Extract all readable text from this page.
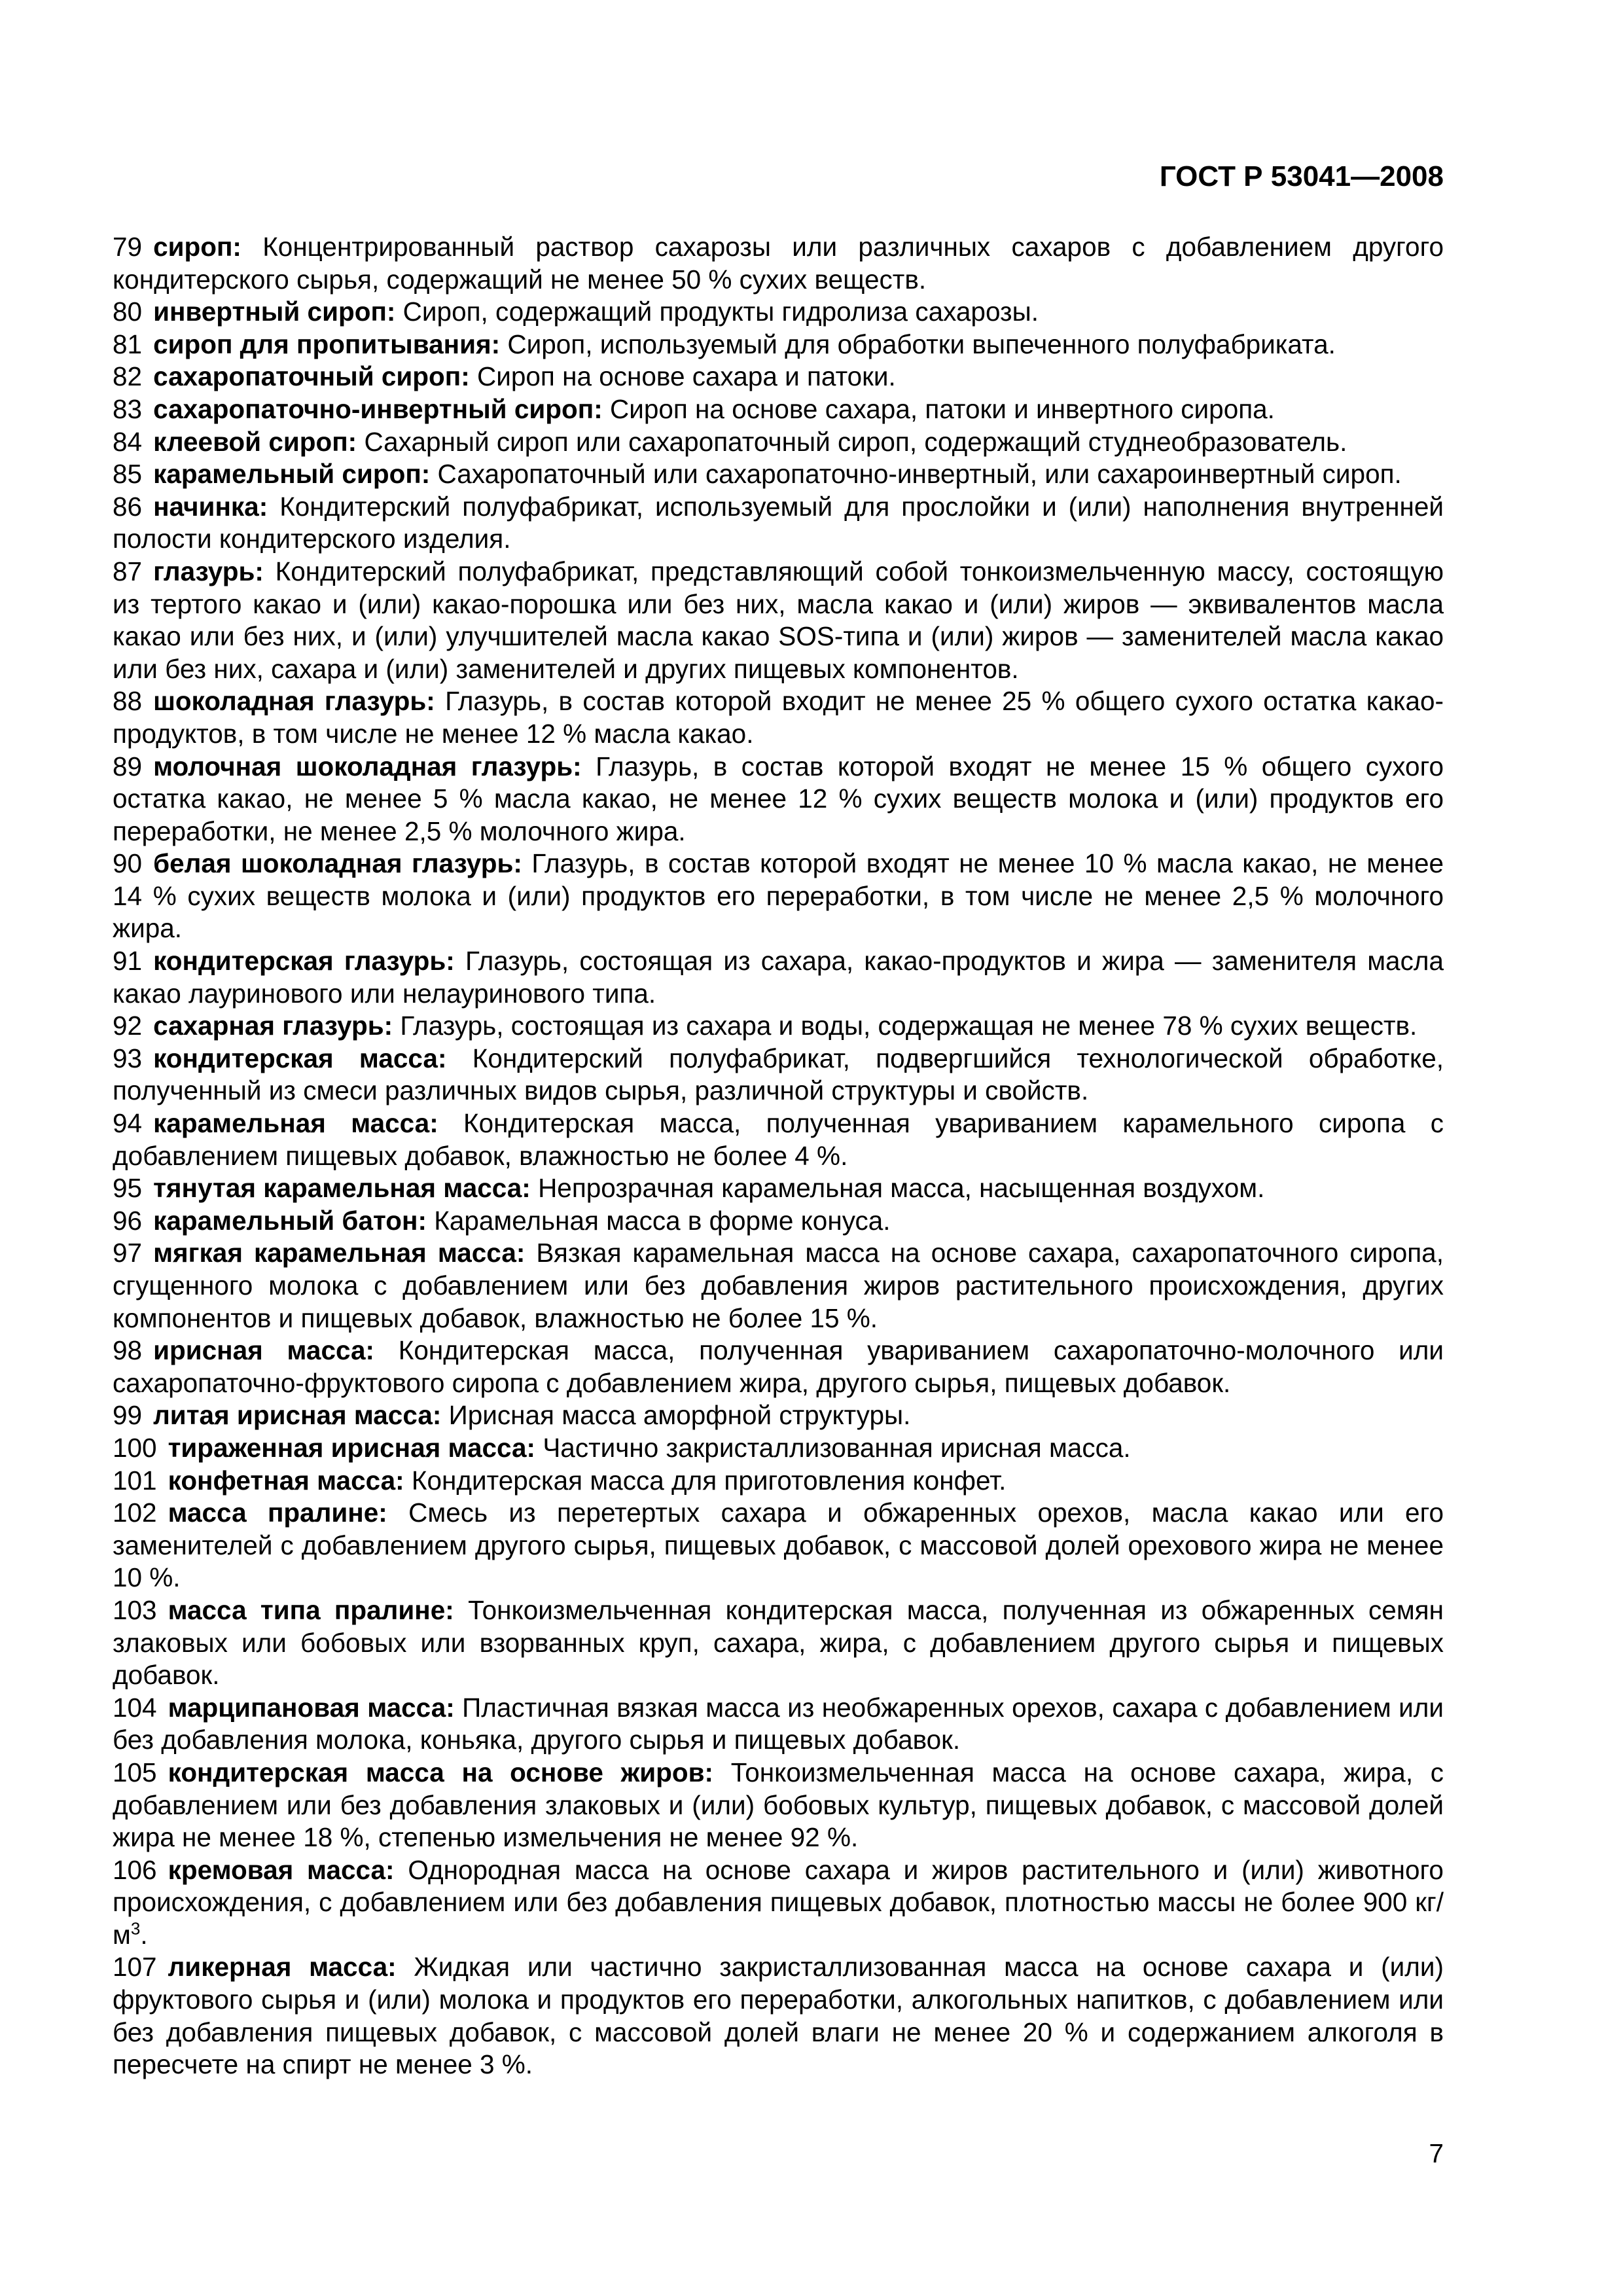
ГОСТ Р 53041—2008

79 сироп: Концентрированный раствор сахарозы или различных сахаров с добавлением другого кондитерского сырья, содержащий не менее 50 % сухих веществ.

80 инвертный сироп: Сироп, содержащий продукты гидролиза сахарозы.

81 сироп для пропитывания: Сироп, используемый для обработки выпеченного полуфабриката.

82 сахаропаточный сироп: Сироп на основе сахара и патоки.

83 сахаропаточно-инвертный сироп: Сироп на основе сахара, патоки и инвертного сиропа.

84 клеевой сироп: Сахарный сироп или сахаропаточный сироп, содержащий студнеобразователь.

85 карамельный сироп: Сахаропаточный или сахаропаточно-инвертный, или сахароинвертный сироп.

86 начинка: Кондитерский полуфабрикат, используемый для прослойки и (или) наполнения внутренней полости кондитерского изделия.

87 глазурь: Кондитерский полуфабрикат, представляющий собой тонкоизмельченную массу, состоящую из тертого какао и (или) какао-порошка или без них, масла какао и (или) жиров — эквивалентов масла какао или без них, и (или) улучшителей масла какао SOS-типа и (или) жиров — заменителей масла какао или без них, сахара и (или) заменителей и других пищевых компонентов.

88 шоколадная глазурь: Глазурь, в состав которой входит не менее 25 % общего сухого остатка какао-продуктов, в том числе не менее 12 % масла какао.

89 молочная шоколадная глазурь: Глазурь, в состав которой входят не менее 15 % общего сухого остатка какао, не менее 5 % масла какао, не менее 12 % сухих веществ молока и (или) продуктов его переработки, не менее 2,5 % молочного жира.

90 белая шоколадная глазурь: Глазурь, в состав которой входят не менее 10 % масла какао, не менее 14 % сухих веществ молока и (или) продуктов его переработки, в том числе не менее 2,5 % молочного жира.

91 кондитерская глазурь: Глазурь, состоящая из сахара, какао-продуктов и жира — заменителя масла какао лауринового или нелауринового типа.

92 сахарная глазурь: Глазурь, состоящая из сахара и воды, содержащая не менее 78 % сухих веществ.

93 кондитерская масса: Кондитерский полуфабрикат, подвергшийся технологической обработке, полученный из смеси различных видов сырья, различной структуры и свойств.

94 карамельная масса: Кондитерская масса, полученная увариванием карамельного сиропа с добавлением пищевых добавок, влажностью не более 4 %.

95 тянутая карамельная масса: Непрозрачная карамельная масса, насыщенная воздухом.

96 карамельный батон: Карамельная масса в форме конуса.

97 мягкая карамельная масса: Вязкая карамельная масса на основе сахара, сахаропаточного сиропа, сгущенного молока с добавлением или без добавления жиров растительного происхождения, других компонентов и пищевых добавок, влажностью не более 15 %.

98 ирисная масса: Кондитерская масса, полученная увариванием сахаропаточно-молочного или сахаропаточно-фруктового сиропа с добавлением жира, другого сырья, пищевых добавок.

99 литая ирисная масса: Ирисная масса аморфной структуры.

100 тираженная ирисная масса: Частично закристаллизованная ирисная масса.

101 конфетная масса: Кондитерская масса для приготовления конфет.

102 масса пралине: Смесь из перетертых сахара и обжаренных орехов, масла какао или его заменителей с добавлением другого сырья, пищевых добавок, с массовой долей орехового жира не менее 10 %.

103 масса типа пралине: Тонкоизмельченная кондитерская масса, полученная из обжаренных семян злаковых или бобовых или взорванных круп, сахара, жира, с добавлением другого сырья и пищевых добавок.

104 марципановая масса: Пластичная вязкая масса из необжаренных орехов, сахара с добавлением или без добавления молока, коньяка, другого сырья и пищевых добавок.

105 кондитерская масса на основе жиров: Тонкоизмельченная масса на основе сахара, жира, с добавлением или без добавления злаковых и (или) бобовых культур, пищевых добавок, с массовой долей жира не менее 18 %, степенью измельчения не менее 92 %.

106 кремовая масса: Однородная масса на основе сахара и жиров растительного и (или) животного происхождения, с добавлением или без добавления пищевых добавок, плотностью массы не более 900 кг/ $м^3$.

107 ликерная масса: Жидкая или частично закристаллизованная масса на основе сахара и (или) фруктового сырья и (или) молока и продуктов его переработки, алкогольных напитков, с добавлением или без добавления пищевых добавок, с массовой долей влаги не менее 20 % и содержанием алкоголя в пересчете на спирт не менее 3 %.

7
